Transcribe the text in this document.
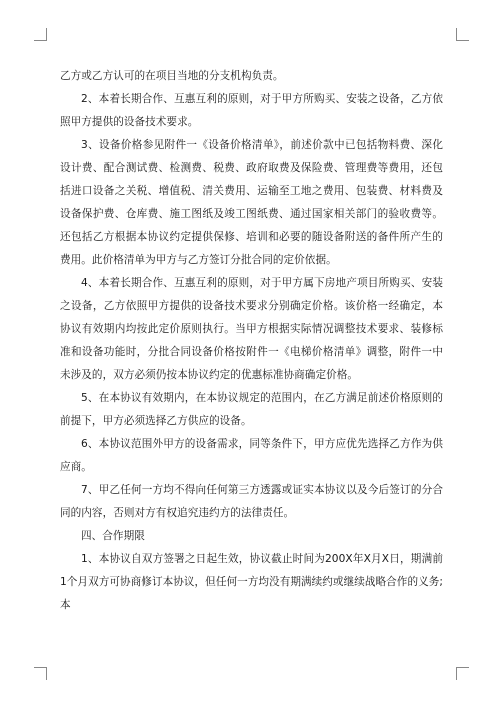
乙方或乙方认可的在项目当地的分支机构负责。

2、本着长期合作、互惠互利的原则，对于甲方所购买、安装之设备，乙方依照甲方提供的设备技术要求。

3、设备价格参见附件一《设备价格清单》，前述价款中已包括物料费、深化设计费、配合测试费、检测费、税费、政府取费及保险费、管理费等费用，还包括进口设备之关税、增值税、清关费用、运输至工地之费用、包装费、材料费及设备保护费、仓库费、施工图纸及竣工图纸费、通过国家相关部门的验收费等。还包括乙方根据本协议约定提供保修、培训和必要的随设备附送的备件所产生的费用。此价格清单为甲方与乙方签订分批合同的定价依据。

4、本着长期合作、互惠互利的原则，对于甲方属下房地产项目所购买、安装之设备，乙方依照甲方提供的设备技术要求分别确定价格。该价格一经确定，本协议有效期内均按此定价原则执行。当甲方根据实际情况调整技术要求、装修标准和设备功能时，分批合同设备价格按附件一《电梯价格清单》调整，附件一中未涉及的，双方必须仍按本协议约定的优惠标准协商确定价格。

5、在本协议有效期内，在本协议规定的范围内，在乙方满足前述价格原则的前提下，甲方必须选择乙方供应的设备。

6、本协议范围外甲方的设备需求，同等条件下，甲方应优先选择乙方作为供应商。

7、甲乙任何一方均不得向任何第三方透露或证实本协议以及今后签订的分合同的内容，否则对方有权追究违约方的法律责任。

四、合作期限

1、本协议自双方签署之日起生效，协议截止时间为200X年X月X日，期满前1个月双方可协商修订本协议，但任何一方均没有期满续约或继续战略合作的义务;本
